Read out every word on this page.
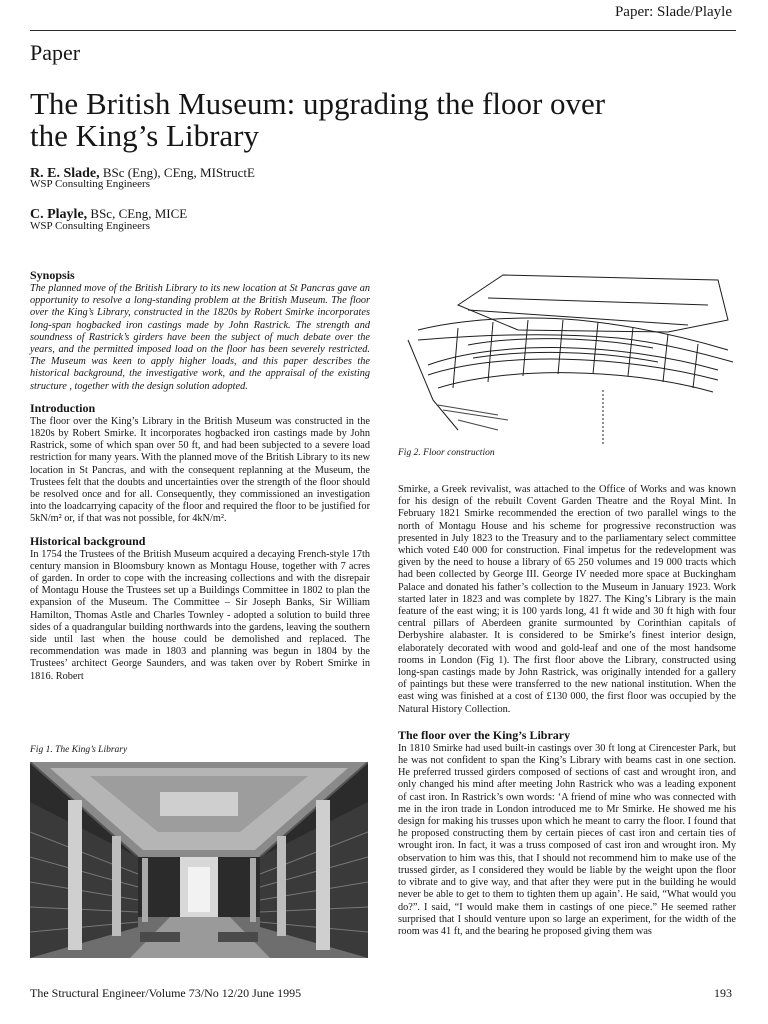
Paper: Slade/Playle
Paper
The British Museum: upgrading the floor over
the King’s Library
R. E. Slade, BSc (Eng), CEng, MIStructE
WSP Consulting Engineers
C. Playle, BSc, CEng, MICE
WSP Consulting Engineers
Synopsis

The planned move of the British Library to its new location at St Pancras gave an opportunity to resolve a long-standing problem at the British Museum. The floor over the King’s Library, constructed in the 1820s by Robert Smirke incorporates long-span hogbacked iron castings made by John Rastrick. The strength and soundness of Rastrick’s girders have been the subject of much debate over the years, and the permitted imposed load on the floor has been severely restricted. The Museum was keen to apply higher loads, and this paper describes the historical background, the investigative work, and the appraisal of the existing structure , together with the design solution adopted.

Introduction

The floor over the King’s Library in the British Museum was constructed in the 1820s by Robert Smirke. It incorporates hogbacked iron castings made by John Rastrick, some of which span over 50 ft, and had been subjected to a severe load restriction for many years. With the planned move of the British Library to its new location in St Pancras, and with the consequent replanning at the Museum, the Trustees felt that the doubts and uncertainties over the strength of the floor should be resolved once and for all. Consequently, they commissioned an investigation into the loadcarrying capacity of the floor and required the floor to be justified for 5kN/m² or, if that was not possible, for 4kN/m².

Historical background

In 1754 the Trustees of the British Museum acquired a decaying French-style 17th century mansion in Bloomsbury known as Montagu House, together with 7 acres of garden. In order to cope with the increasing collections and with the disrepair of Montagu House the Trustees set up a Buildings Committee in 1802 to plan the expansion of the Museum. The Committee – Sir Joseph Banks, Sir William Hamilton, Thomas Astle and Charles Townley - adopted a solution to build three sides of a quadrangular building northwards into the gardens, leaving the southern side until last when the house could be demolished and replaced. The recommendation was made in 1803 and planning was begun in 1804 by the Trustees’ architect George Saunders, and was taken over by Robert Smirke in 1816. Robert

Fig 1. The King’s Library
Fig 2. Floor construction

Smirke, a Greek revivalist, was attached to the Office of Works and was known for his design of the rebuilt Covent Garden Theatre and the Royal Mint. In February 1821 Smirke recommended the erection of two parallel wings to the north of Montagu House and his scheme for progressive reconstruction was presented in July 1823 to the Treasury and to the parliamentary select committee which voted £40 000 for construction. Final impetus for the redevelopment was given by the need to house a library of 65 250 volumes and 19 000 tracts which had been collected by George III. George IV needed more space at Buckingham Palace and donated his father’s collection to the Museum in January 1923. Work started later in 1823 and was complete by 1827. The King’s Library is the main feature of the east wing; it is 100 yards long, 41 ft wide and 30 ft high with four central pillars of Aberdeen granite surmounted by Corinthian capitals of Derbyshire alabaster. It is considered to be Smirke’s finest interior design, elaborately decorated with wood and gold-leaf and one of the most handsome rooms in London (Fig 1). The first floor above the Library, constructed using long-span castings made by John Rastrick, was originally intended for a gallery of paintings but these were transferred to the new national institution. When the east wing was finished at a cost of £130 000, the first floor was occupied by the Natural History Collection.

The floor over the King’s Library

In 1810 Smirke had used built-in castings over 30 ft long at Cirencester Park, but he was not confident to span the King’s Library with beams cast in one section. He preferred trussed girders composed of sections of cast and wrought iron, and only changed his mind after meeting John Rastrick who was a leading exponent of cast iron. In Rastrick’s own words: ‘A friend of mine who was connected with me in the iron trade in London introduced me to Mr Smirke. He showed me his design for making his trusses upon which he meant to carry the floor. I found that he proposed constructing them by certain pieces of cast iron and certain ties of wrought iron. In fact, it was a truss composed of cast iron and wrought iron. My observation to him was this, that I should not recommend him to make use of the trussed girder, as I considered they would be liable by the weight upon the floor to vibrate and to give way, and that after they were put in the building he would never be able to get to them to tighten them up again’. He said, “What would you do?”. I said, “I would make them in castings of one piece.” He seemed rather surprised that I should venture upon so large an experiment, for the width of the room was 41 ft, and the bearing he proposed giving them was

The Structural Engineer/Volume 73/No 12/20 June 1995	193
